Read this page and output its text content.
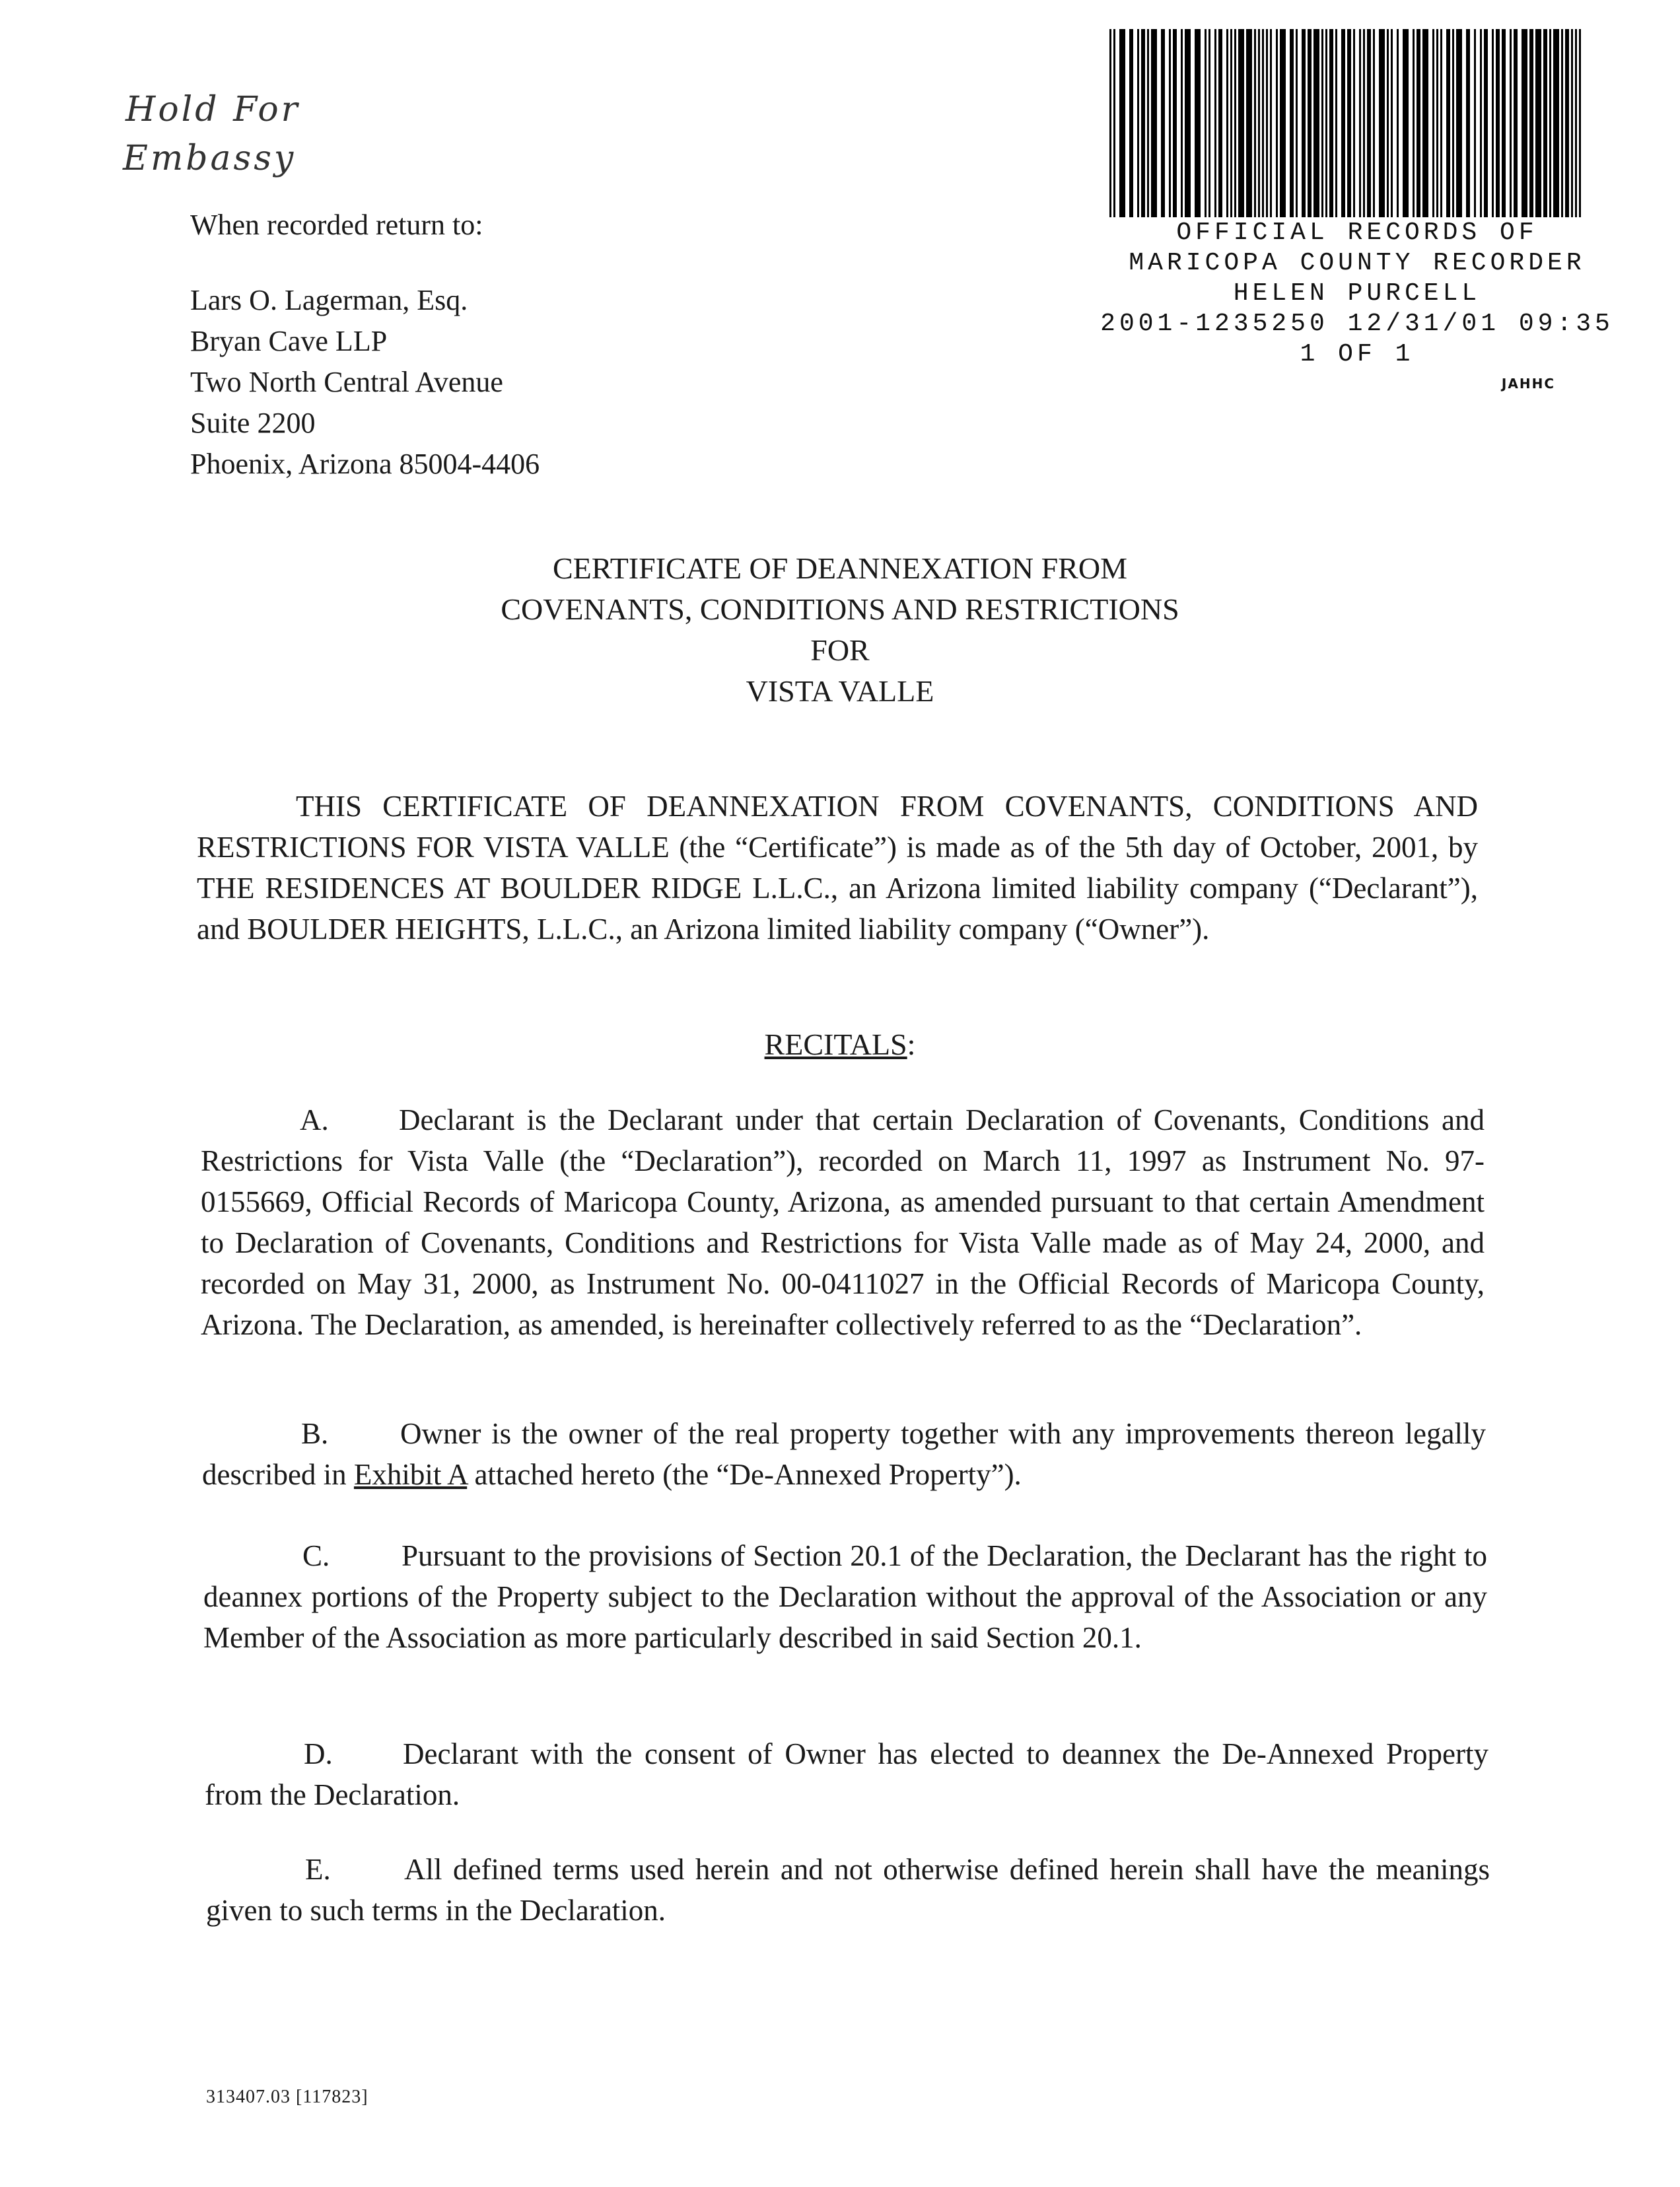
Hold For
Embassy
When recorded return to:
Lars O. Lagerman, Esq.
Bryan Cave LLP
Two North Central Avenue
Suite 2200
Phoenix, Arizona 85004-4406
OFFICIAL RECORDS OF
MARICOPA COUNTY RECORDER
HELEN PURCELL
2001-1235250 12/31/01 09:35
1 OF 1
JAHHC
CERTIFICATE OF DEANNEXATION FROM
COVENANTS, CONDITIONS AND RESTRICTIONS
FOR
VISTA VALLE
THIS CERTIFICATE OF DEANNEXATION FROM COVENANTS, CONDITIONS AND RESTRICTIONS FOR VISTA VALLE (the “Certificate”) is made as of the 5th day of October, 2001, by THE RESIDENCES AT BOULDER RIDGE L.L.C., an Arizona limited liability company (“Declarant”), and BOULDER HEIGHTS, L.L.C., an Arizona limited liability company (“Owner”).
RECITALS:
A. Declarant is the Declarant under that certain Declaration of Covenants, Conditions and Restrictions for Vista Valle (the “Declaration”), recorded on March 11, 1997 as Instrument No. 97-0155669, Official Records of Maricopa County, Arizona, as amended pursuant to that certain Amendment to Declaration of Covenants, Conditions and Restrictions for Vista Valle made as of May 24, 2000, and recorded on May 31, 2000, as Instrument No. 00-0411027 in the Official Records of Maricopa County, Arizona. The Declaration, as amended, is hereinafter collectively referred to as the “Declaration”.
B. Owner is the owner of the real property together with any improvements thereon legally described in Exhibit A attached hereto (the “De-Annexed Property”).
C. Pursuant to the provisions of Section 20.1 of the Declaration, the Declarant has the right to deannex portions of the Property subject to the Declaration without the approval of the Association or any Member of the Association as more particularly described in said Section 20.1.
D. Declarant with the consent of Owner has elected to deannex the De-Annexed Property from the Declaration.
E. All defined terms used herein and not otherwise defined herein shall have the meanings given to such terms in the Declaration.
313407.03 [117823]
